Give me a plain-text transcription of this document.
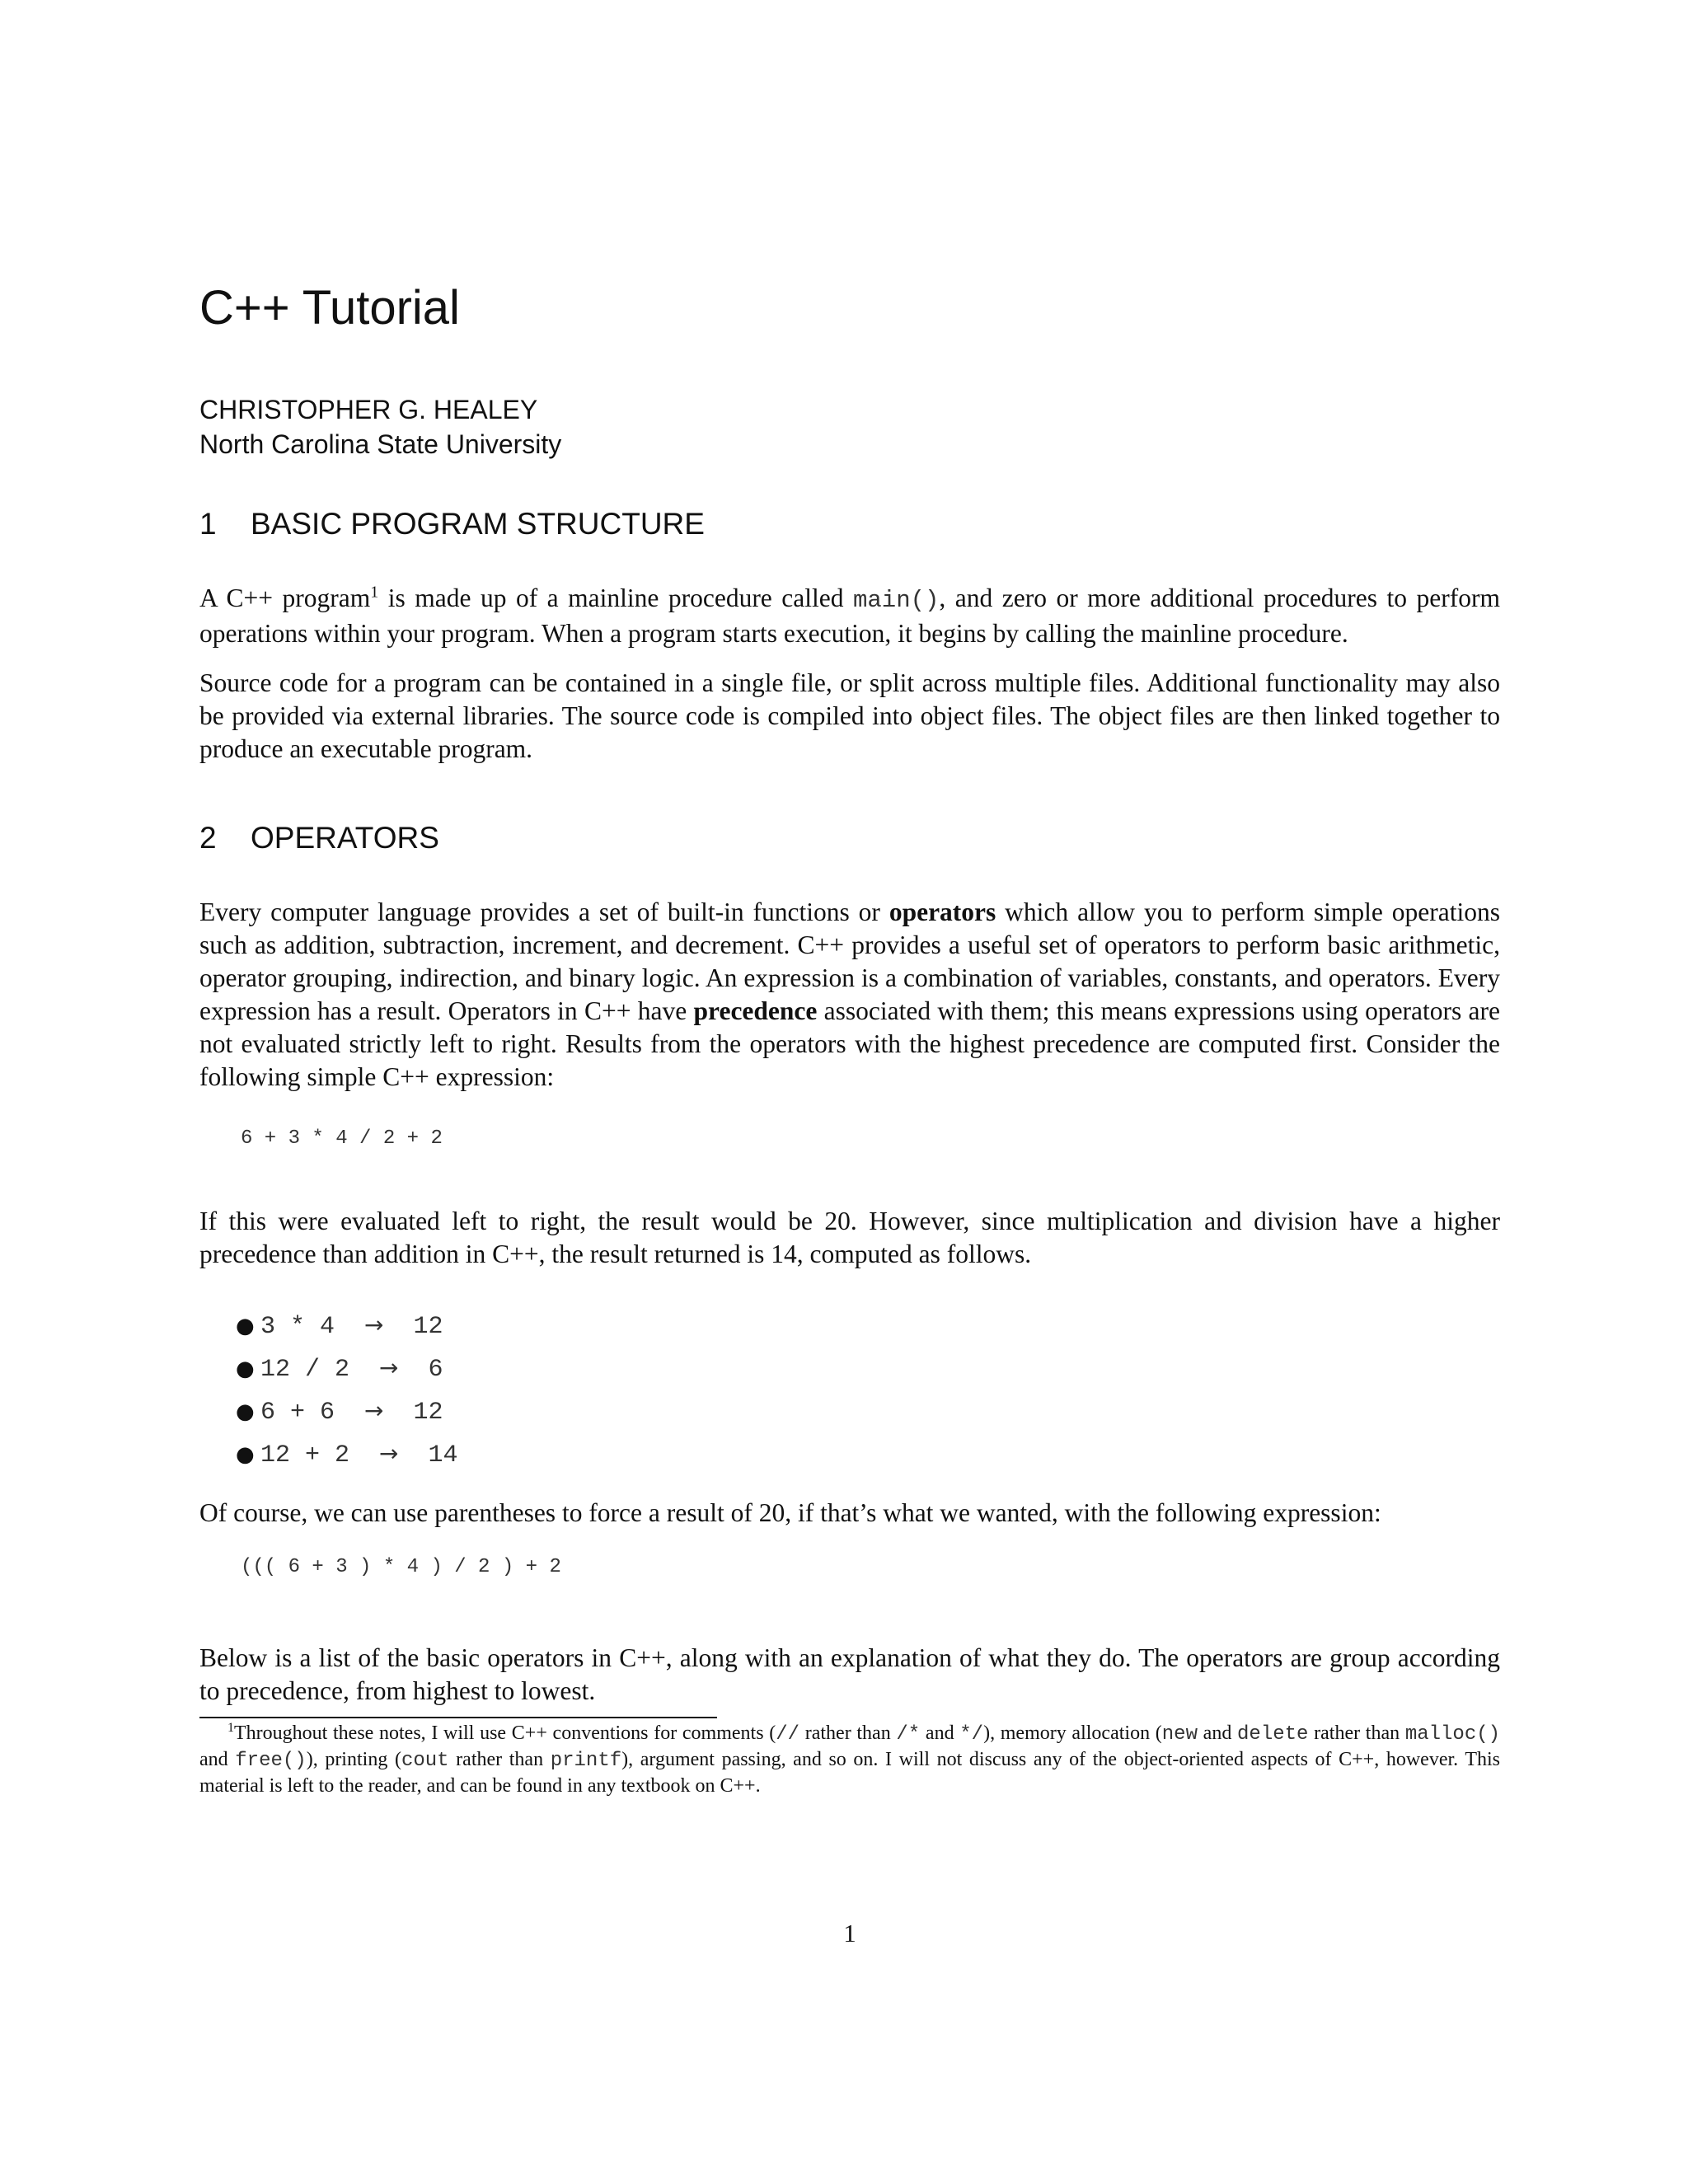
C++ Tutorial
CHRISTOPHER G. HEALEY
North Carolina State University
1 BASIC PROGRAM STRUCTURE

A C++ program$^1$ is made up of a mainline procedure called main(), and zero or more additional procedures to perform operations within your program. When a program starts execution, it begins by calling the mainline procedure.

Source code for a program can be contained in a single file, or split across multiple files. Additional functionality may also be provided via external libraries. The source code is compiled into object files. The object files are then linked together to produce an executable program.

2 OPERATORS

Every computer language provides a set of built-in functions or operators which allow you to perform simple operations such as addition, subtraction, increment, and decrement. C++ provides a useful set of operators to perform basic arithmetic, operator grouping, indirection, and binary logic. An expression is a combination of variables, constants, and operators. Every expression has a result. Operators in C++ have precedence associated with them; this means expressions using operators are not evaluated strictly left to right. Results from the operators with the highest precedence are computed first. Consider the following simple C++ expression:

6 + 3 * 4 / 2 + 2

If this were evaluated left to right, the result would be 20. However, since multiplication and division have a higher precedence than addition in C++, the result returned is 14, computed as follows.

● 3 * 4 → 12
● 12 / 2 → 6
● 6 + 6 → 12
● 12 + 2 → 14

Of course, we can use parentheses to force a result of 20, if that’s what we wanted, with the following expression:

((( 6 + 3 ) * 4 ) / 2 ) + 2

Below is a list of the basic operators in C++, along with an explanation of what they do. The operators are group according to precedence, from highest to lowest.

$^1$Throughout these notes, I will use C++ conventions for comments (// rather than /* and */), memory allocation (new and delete rather than malloc() and free()), printing (cout rather than printf), argument passing, and so on. I will not discuss any of the object-oriented aspects of C++, however. This material is left to the reader, and can be found in any textbook on C++.

1
